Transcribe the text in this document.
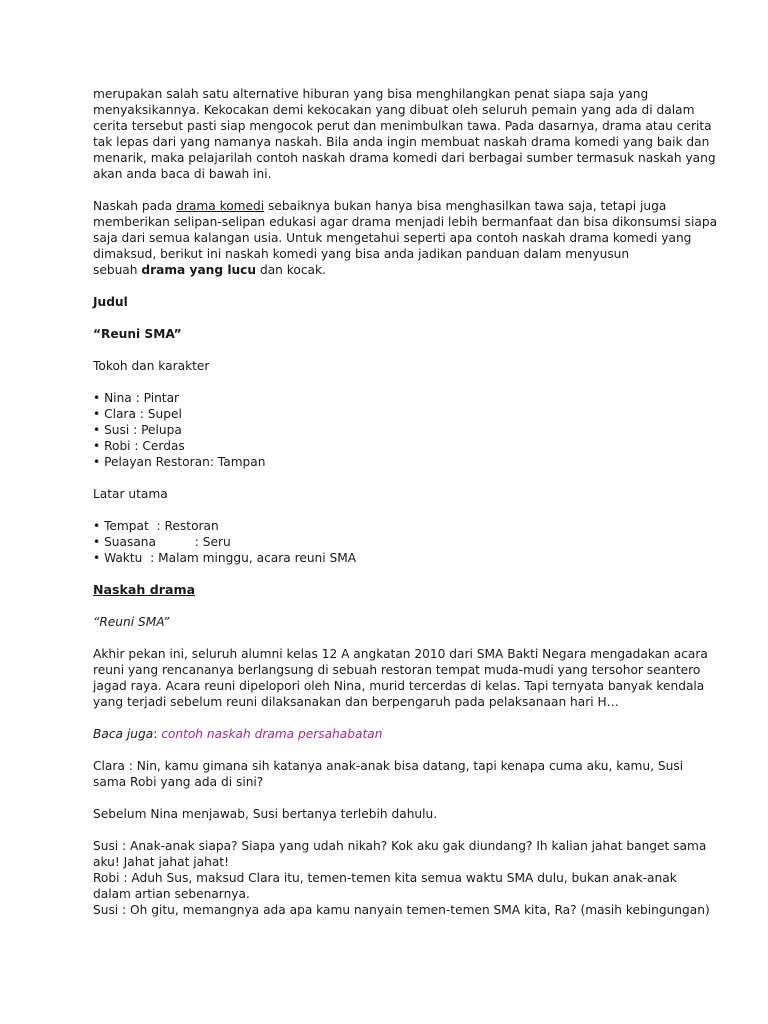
merupakan salah satu alternative hiburan yang bisa menghilangkan penat siapa saja yang
menyaksikannya. Kekocakan demi kekocakan yang dibuat oleh seluruh pemain yang ada di dalam
cerita tersebut pasti siap mengocok perut dan menimbulkan tawa. Pada dasarnya, drama atau cerita
tak lepas dari yang namanya naskah. Bila anda ingin membuat naskah drama komedi yang baik dan
menarik, maka pelajarilah contoh naskah drama komedi dari berbagai sumber termasuk naskah yang
akan anda baca di bawah ini.

Naskah pada drama komedi sebaiknya bukan hanya bisa menghasilkan tawa saja, tetapi juga
memberikan selipan-selipan edukasi agar drama menjadi lebih bermanfaat dan bisa dikonsumsi siapa
saja dari semua kalangan usia. Untuk mengetahui seperti apa contoh naskah drama komedi yang
dimaksud, berikut ini naskah komedi yang bisa anda jadikan panduan dalam menyusun
sebuah drama yang lucu dan kocak.

Judul
“Reuni SMA”
Tokoh dan karakter
• Nina : Pintar
• Clara : Supel
• Susi : Pelupa
• Robi : Cerdas
• Pelayan Restoran: Tampan
Latar utama
• Tempat  : Restoran
• Suasana          : Seru
• Waktu  : Malam minggu, acara reuni SMA
Naskah drama
“Reuni SMA”

Akhir pekan ini, seluruh alumni kelas 12 A angkatan 2010 dari SMA Bakti Negara mengadakan acara
reuni yang rencananya berlangsung di sebuah restoran tempat muda-mudi yang tersohor seantero
jagad raya. Acara reuni dipelopori oleh Nina, murid tercerdas di kelas. Tapi ternyata banyak kendala
yang terjadi sebelum reuni dilaksanakan dan berpengaruh pada pelaksanaan hari H…

Baca juga: contoh naskah drama persahabatan

Clara : Nin, kamu gimana sih katanya anak-anak bisa datang, tapi kenapa cuma aku, kamu, Susi
sama Robi yang ada di sini?

Sebelum Nina menjawab, Susi bertanya terlebih dahulu.

Susi : Anak-anak siapa? Siapa yang udah nikah? Kok aku gak diundang? Ih kalian jahat banget sama
aku! Jahat jahat jahat!
Robi : Aduh Sus, maksud Clara itu, temen-temen kita semua waktu SMA dulu, bukan anak-anak
dalam artian sebenarnya.
Susi : Oh gitu, memangnya ada apa kamu nanyain temen-temen SMA kita, Ra? (masih kebingungan)
